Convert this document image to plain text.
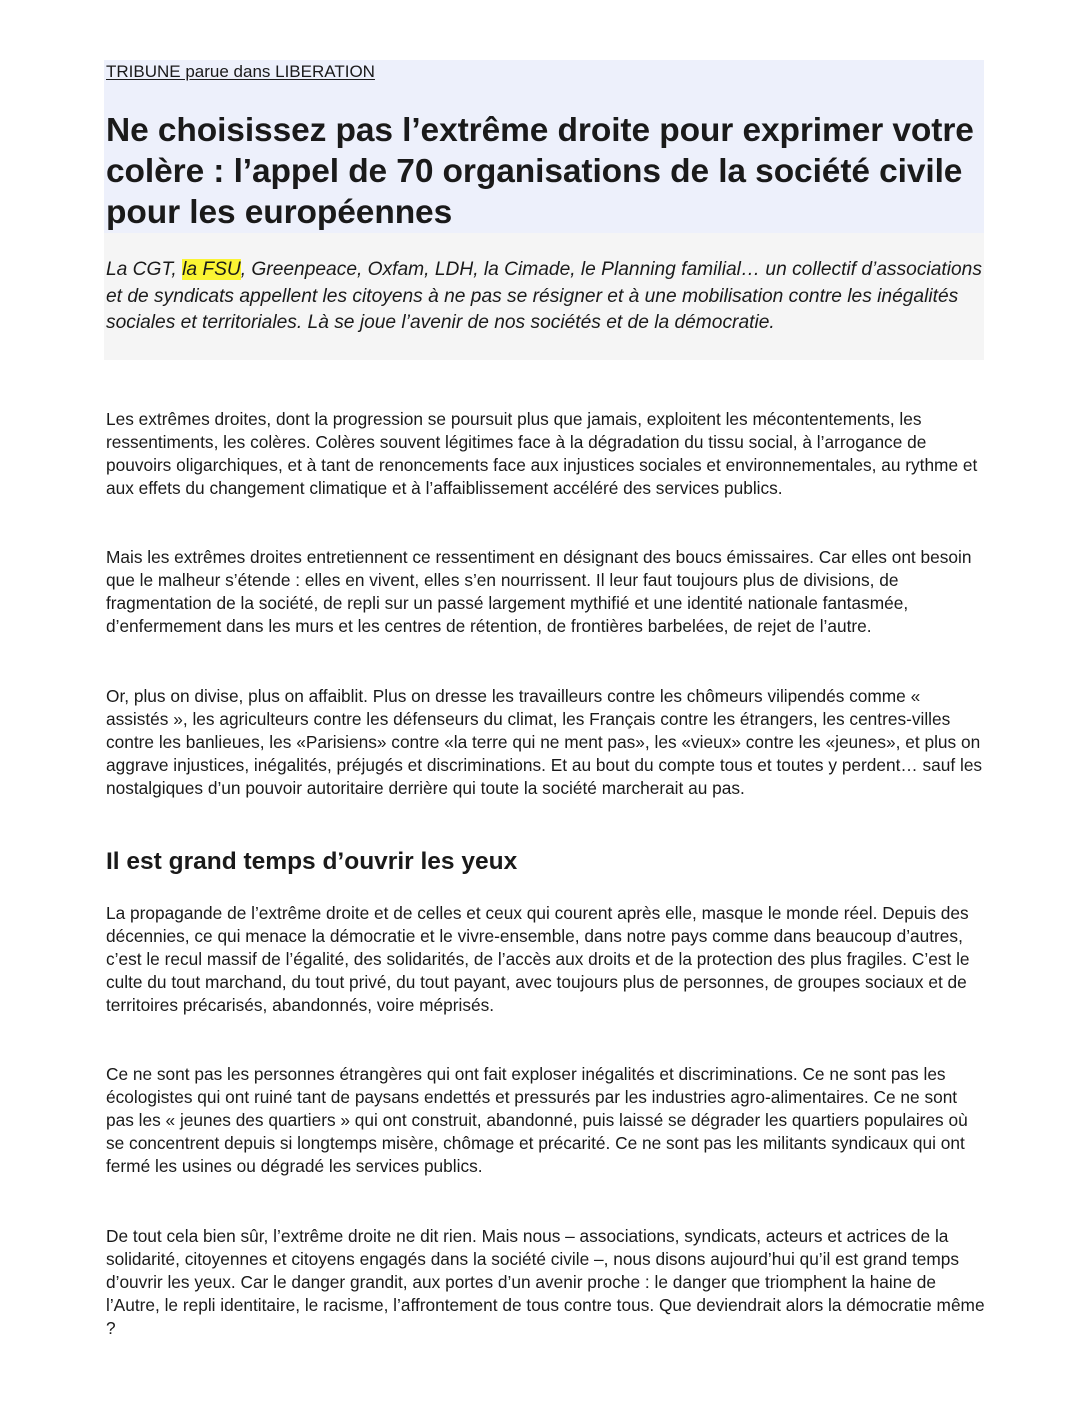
TRIBUNE parue dans LIBERATION
Ne choisissez pas l’extrême droite pour exprimer votre colère : l’appel de 70 organisations de la société civile pour les européennes

La CGT, la FSU, Greenpeace, Oxfam, LDH, la Cimade, le Planning familial… un collectif d’associations et de syndicats appellent les citoyens à ne pas se résigner et à une mobilisation contre les inégalités sociales et territoriales. Là se joue l’avenir de nos sociétés et de la démocratie.

Les extrêmes droites, dont la progression se poursuit plus que jamais, exploitent les mécontentements, les ressentiments, les colères. Colères souvent légitimes face à la dégradation du tissu social, à l’arrogance de pouvoirs oligarchiques, et à tant de renoncements face aux injustices sociales et environnementales, au rythme et aux effets du changement climatique et à l’affaiblissement accéléré des services publics.

Mais les extrêmes droites entretiennent ce ressentiment en désignant des boucs émissaires. Car elles ont besoin que le malheur s’étende : elles en vivent, elles s’en nourrissent. Il leur faut toujours plus de divisions, de fragmentation de la société, de repli sur un passé largement mythifié et une identité nationale fantasmée, d’enfermement dans les murs et les centres de rétention, de frontières barbelées, de rejet de l’autre.

Or, plus on divise, plus on affaiblit. Plus on dresse les travailleurs contre les chômeurs vilipendés comme « assistés », les agriculteurs contre les défenseurs du climat, les Français contre les étrangers, les centres-villes contre les banlieues, les «Parisiens» contre «la terre qui ne ment pas», les «vieux» contre les «jeunes», et plus on aggrave injustices, inégalités, préjugés et discriminations. Et au bout du compte tous et toutes y perdent… sauf les nostalgiques d’un pouvoir autoritaire derrière qui toute la société marcherait au pas.

Il est grand temps d’ouvrir les yeux

La propagande de l’extrême droite et de celles et ceux qui courent après elle, masque le monde réel. Depuis des décennies, ce qui menace la démocratie et le vivre-ensemble, dans notre pays comme dans beaucoup d’autres, c’est le recul massif de l’égalité, des solidarités, de l’accès aux droits et de la protection des plus fragiles. C’est le culte du tout marchand, du tout privé, du tout payant, avec toujours plus de personnes, de groupes sociaux et de territoires précarisés, abandonnés, voire méprisés.

Ce ne sont pas les personnes étrangères qui ont fait exploser inégalités et discriminations. Ce ne sont pas les écologistes qui ont ruiné tant de paysans endettés et pressurés par les industries agro-alimentaires. Ce ne sont pas les « jeunes des quartiers » qui ont construit, abandonné, puis laissé se dégrader les quartiers populaires où se concentrent depuis si longtemps misère, chômage et précarité. Ce ne sont pas les militants syndicaux qui ont fermé les usines ou dégradé les services publics.

De tout cela bien sûr, l’extrême droite ne dit rien. Mais nous – associations, syndicats, acteurs et actrices de la solidarité, citoyennes et citoyens engagés dans la société civile –, nous disons aujourd’hui qu’il est grand temps d’ouvrir les yeux. Car le danger grandit, aux portes d’un avenir proche : le danger que triomphent la haine de l’Autre, le repli identitaire, le racisme, l’affrontement de tous contre tous. Que deviendrait alors la démocratie même ?
